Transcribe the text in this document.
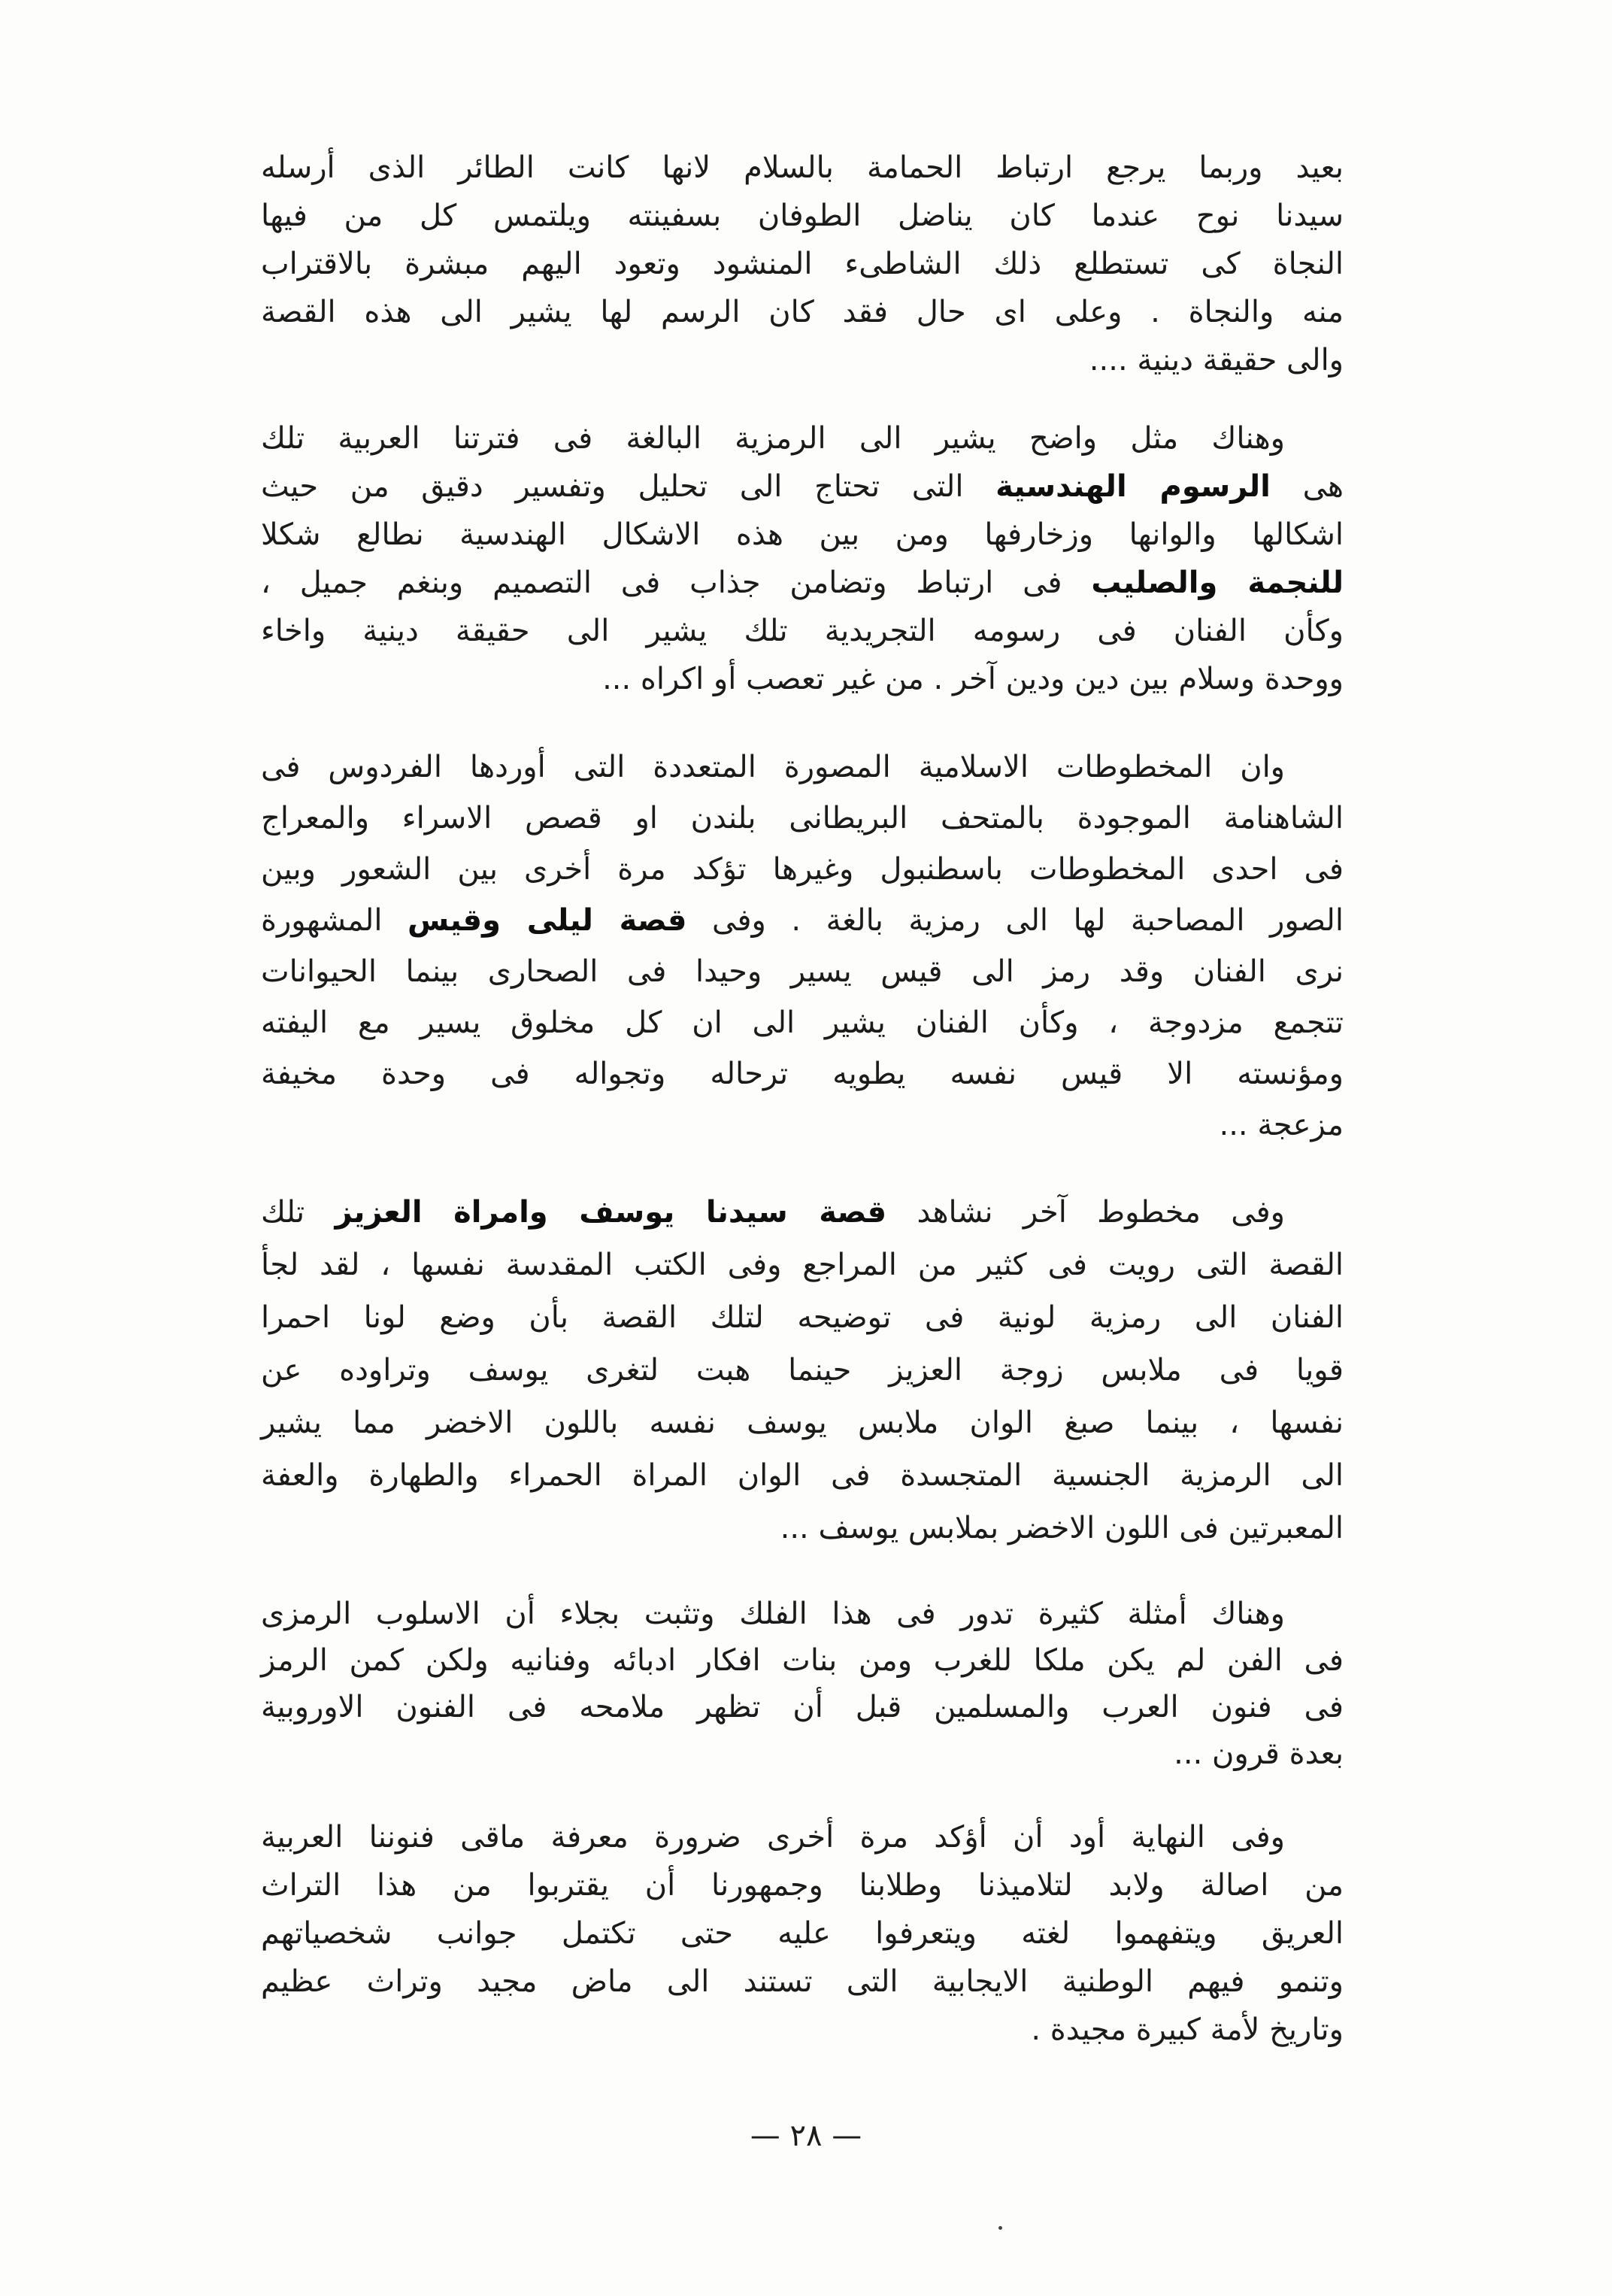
بعيد وربما يرجع ارتباط الحمامة بالسلام لانها كانت الطائر الذى أرسله
سيدنا نوح عندما كان يناضل الطوفان بسفينته ويلتمس كل من فيها
النجاة كى تستطلع ذلك الشاطىء المنشود وتعود اليهم مبشرة بالاقتراب
منه والنجاة . وعلى اى حال فقد كان الرسم لها يشير الى هذه القصة
والى حقيقة دينية ....
وهناك مثل واضح يشير الى الرمزية البالغة فى فترتنا العربية تلك
هى الرسوم الهندسية التى تحتاج الى تحليل وتفسير دقيق من حيث
اشكالها والوانها وزخارفها ومن بين هذه الاشكال الهندسية نطالع شكلا
للنجمة والصليب فى ارتباط وتضامن جذاب فى التصميم وبنغم جميل ،
وكأن الفنان فى رسومه التجريدية تلك يشير الى حقيقة دينية واخاء
ووحدة وسلام بين دين ودين آخر . من غير تعصب أو اكراه ...
وان المخطوطات الاسلامية المصورة المتعددة التى أوردها الفردوس فى
الشاهنامة الموجودة بالمتحف البريطانى بلندن او قصص الاسراء والمعراج
فى احدى المخطوطات باسطنبول وغيرها تؤكد مرة أخرى بين الشعور وبين
الصور المصاحبة لها الى رمزية بالغة . وفى قصة ليلى وقيس المشهورة
نرى الفنان وقد رمز الى قيس يسير وحيدا فى الصحارى بينما الحيوانات
تتجمع مزدوجة ، وكأن الفنان يشير الى ان كل مخلوق يسير مع اليفته
ومؤنسته الا قيس نفسه يطويه ترحاله وتجواله فى وحدة مخيفة
مزعجة ...
وفى مخطوط آخر نشاهد قصة سيدنا يوسف وامراة العزيز تلك
القصة التى رويت فى كثير من المراجع وفى الكتب المقدسة نفسها ، لقد لجأ
الفنان الى رمزية لونية فى توضيحه لتلك القصة بأن وضع لونا احمرا
قويا فى ملابس زوجة العزيز حينما هبت لتغرى يوسف وتراوده عن
نفسها ، بينما صبغ الوان ملابس يوسف نفسه باللون الاخضر مما يشير
الى الرمزية الجنسية المتجسدة فى الوان المراة الحمراء والطهارة والعفة
المعبرتين فى اللون الاخضر بملابس يوسف ...
وهناك أمثلة كثيرة تدور فى هذا الفلك وتثبت بجلاء أن الاسلوب الرمزى
فى الفن لم يكن ملكا للغرب ومن بنات افكار ادبائه وفنانيه ولكن كمن الرمز
فى فنون العرب والمسلمين قبل أن تظهر ملامحه فى الفنون الاوروبية
بعدة قرون ...
وفى النهاية أود أن أؤكد مرة أخرى ضرورة معرفة ماقى فنوننا العربية
من اصالة ولابد لتلاميذنا وطلابنا وجمهورنا أن يقتربوا من هذا التراث
العريق ويتفهموا لغته ويتعرفوا عليه حتى تكتمل جوانب شخصياتهم
وتنمو فيهم الوطنية الايجابية التى تستند الى ماض مجيد وتراث عظيم
وتاريخ لأمة كبيرة مجيدة .
— ٢٨ —
